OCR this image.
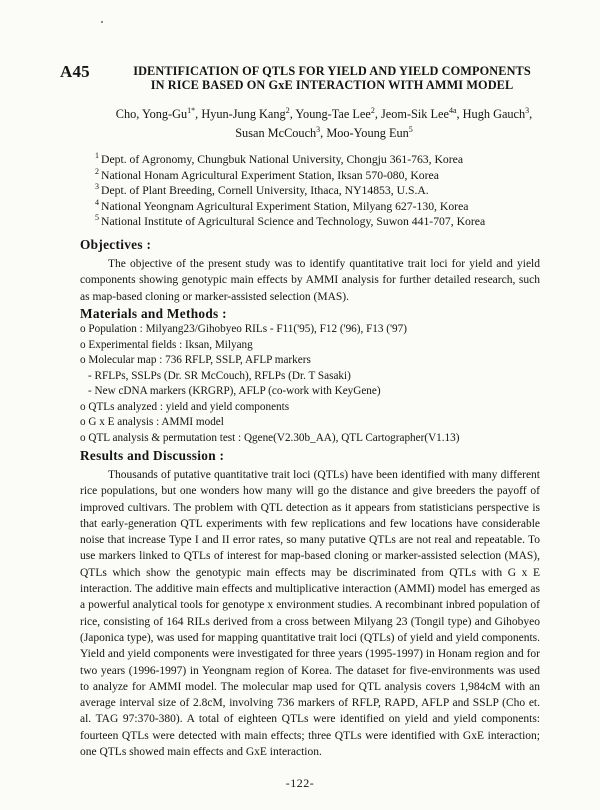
A45	IDENTIFICATION OF QTLS FOR YIELD AND YIELD COMPONENTS
IN RICE BASED ON GxE INTERACTION WITH AMMI MODEL
Cho, Yong-$Gu^{1*}$, Hyun-Jung Kang$^2$, Young-Tae Lee$^2$, Jeom-Sik Lee$^{4a}$, Hugh Gauch$^3$,
Susan McCouch$^3$, Moo-Young Eun$^5$
$^1$ Dept. of Agronomy, Chungbuk National University, Chongju 361-763, Korea
$^2$ National Honam Agricultural Experiment Station, Iksan 570-080, Korea
$^3$ Dept. of Plant Breeding, Cornell University, Ithaca, NY14853, U.S.A.
$^4$ National Yeongnam Agricultural Experiment Station, Milyang 627-130, Korea
$^5$ National Institute of Agricultural Science and Technology, Suwon 441-707, Korea
Objectives :
The objective of the present study was to identify quantitative trait loci for yield and yield components showing genotypic main effects by AMMI analysis for further detailed research, such as map-based cloning or marker-assisted selection (MAS).
Materials and Methods :
o Population : Milyang23/Gihobyeo RILs - F11('95), F12 ('96), F13 ('97)
o Experimental fields : Iksan, Milyang
o Molecular map : 736 RFLP, SSLP, AFLP markers
- RFLPs, SSLPs (Dr. SR McCouch), RFLPs (Dr. T Sasaki)
- New cDNA markers (KRGRP), AFLP (co-work with KeyGene)
o QTLs analyzed : yield and yield components
o G x E analysis : AMMI model
o QTL analysis & permutation test : Qgene(V2.30b_AA), QTL Cartographer(V1.13)
Results and Discussion :
Thousands of putative quantitative trait loci (QTLs) have been identified with many different rice populations, but one wonders how many will go the distance and give breeders the payoff of improved cultivars. The problem with QTL detection as it appears from statisticians perspective is that early-generation QTL experiments with few replications and few locations have considerable noise that increase Type I and II error rates, so many putative QTLs are not real and repeatable. To use markers linked to QTLs of interest for map-based cloning or marker-assisted selection (MAS), QTLs which show the genotypic main effects may be discriminated from QTLs with G x E interaction. The additive main effects and multiplicative interaction (AMMI) model has emerged as a powerful analytical tools for genotype x environment studies. A recombinant inbred population of rice, consisting of 164 RILs derived from a cross between Milyang 23 (Tongil type) and Gihobyeo (Japonica type), was used for mapping quantitative trait loci (QTLs) of yield and yield components. Yield and yield components were investigated for three years (1995-1997) in Honam region and for two years (1996-1997) in Yeongnam region of Korea. The dataset for five-environments was used to analyze for AMMI model. The molecular map used for QTL analysis covers 1,984cM with an average interval size of 2.8cM, involving 736 markers of RFLP, RAPD, AFLP and SSLP (Cho et. al. TAG 97:370-380). A total of eighteen QTLs were identified on yield and yield components: fourteen QTLs were detected with main effects; three QTLs were identified with GxE interaction; one QTLs showed main effects and GxE interaction.
-122-
